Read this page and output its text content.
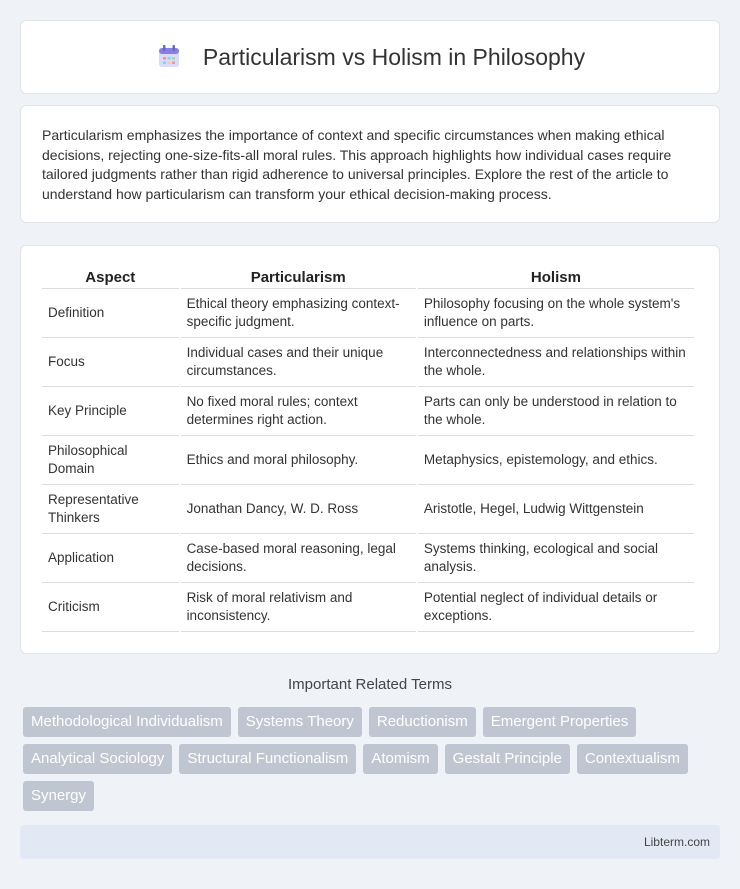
Particularism vs Holism in Philosophy

Particularism emphasizes the importance of context and specific circumstances when making ethical decisions, rejecting one-size-fits-all moral rules. This approach highlights how individual cases require tailored judgments rather than rigid adherence to universal principles. Explore the rest of the article to understand how particularism can transform your ethical decision-making process.

Aspect	Particularism	Holism
Definition	Ethical theory emphasizing context-specific judgment.	Philosophy focusing on the whole system's influence on parts.
Focus	Individual cases and their unique circumstances.	Interconnectedness and relationships within the whole.
Key Principle	No fixed moral rules; context determines right action.	Parts can only be understood in relation to the whole.
Philosophical Domain	Ethics and moral philosophy.	Metaphysics, epistemology, and ethics.
Representative Thinkers	Jonathan Dancy, W. D. Ross	Aristotle, Hegel, Ludwig Wittgenstein
Application	Case-based moral reasoning, legal decisions.	Systems thinking, ecological and social analysis.
Criticism	Risk of moral relativism and inconsistency.	Potential neglect of individual details or exceptions.
Important Related Terms
Methodological Individualism	Systems Theory	Reductionism	Emergent Properties
Analytical Sociology	Structural Functionalism	Atomism	Gestalt Principle	Contextualism
Synergy
Libterm.com
